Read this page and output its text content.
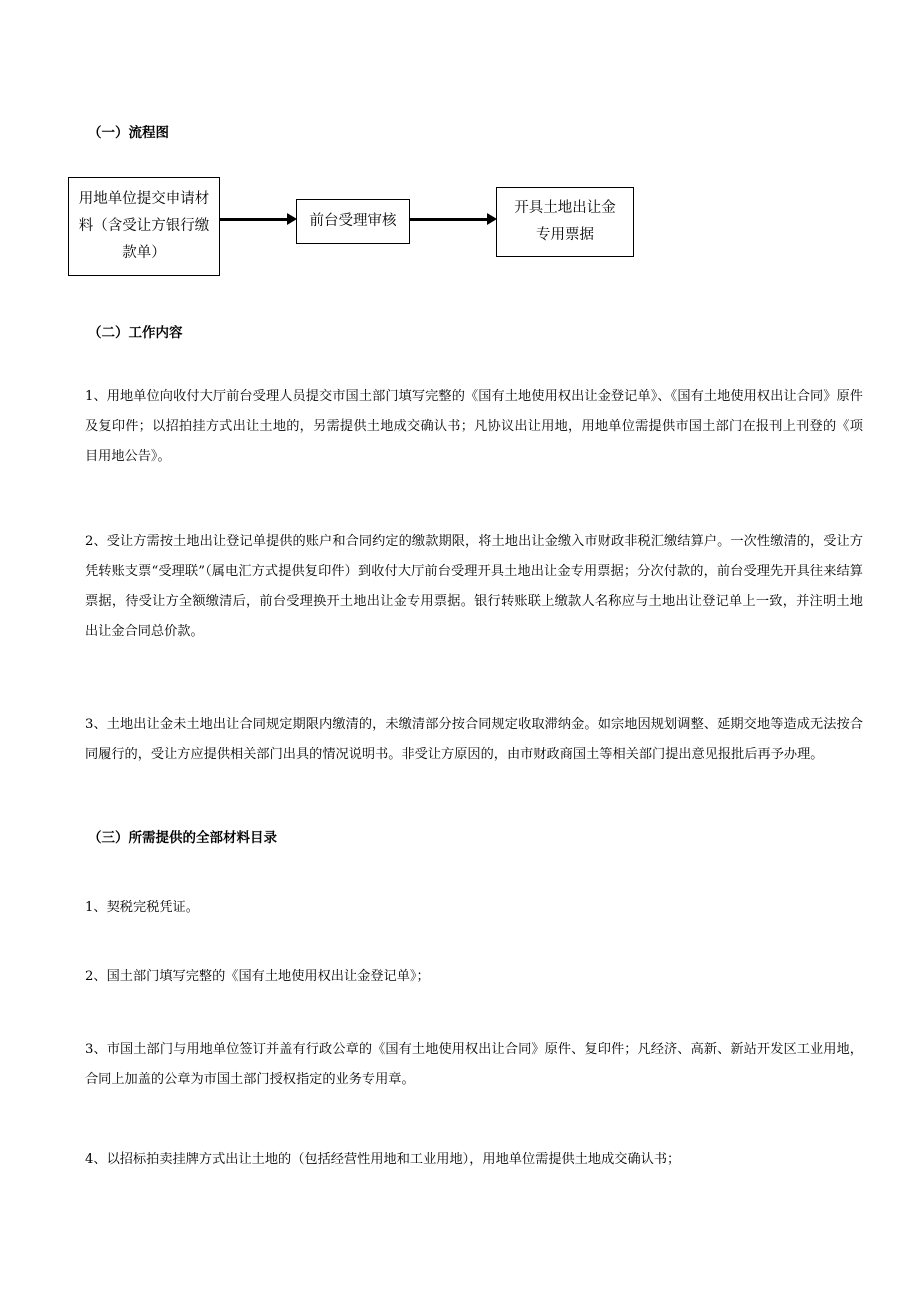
（一）流程图
用地单位提交申请材料（含受让方银行缴款单）
前台受理审核
开具土地出让金专用票据
（二）工作内容

1、用地单位向收付大厅前台受理人员提交市国土部门填写完整的《国有土地使用权出让金登记单》、《国有土地使用权出让合同》原件及复印件；以招拍挂方式出让土地的，另需提供土地成交确认书；凡协议出让用地，用地单位需提供市国土部门在报刊上刊登的《项目用地公告》。

2、受让方需按土地出让登记单提供的账户和合同约定的缴款期限，将土地出让金缴入市财政非税汇缴结算户。一次性缴清的，受让方凭转账支票“受理联”（属电汇方式提供复印件）到收付大厅前台受理开具土地出让金专用票据；分次付款的，前台受理先开具往来结算票据，待受让方全额缴清后，前台受理换开土地出让金专用票据。银行转账联上缴款人名称应与土地出让登记单上一致，并注明土地出让金合同总价款。

3、土地出让金未土地出让合同规定期限内缴清的，未缴清部分按合同规定收取滞纳金。如宗地因规划调整、延期交地等造成无法按合同履行的，受让方应提供相关部门出具的情况说明书。非受让方原因的，由市财政商国土等相关部门提出意见报批后再予办理。

（三）所需提供的全部材料目录

1、契税完税凭证。

2、国土部门填写完整的《国有土地使用权出让金登记单》；

3、市国土部门与用地单位签订并盖有行政公章的《国有土地使用权出让合同》原件、复印件；凡经济、高新、新站开发区工业用地，合同上加盖的公章为市国土部门授权指定的业务专用章。

4、以招标拍卖挂牌方式出让土地的（包括经营性用地和工业用地），用地单位需提供土地成交确认书；
